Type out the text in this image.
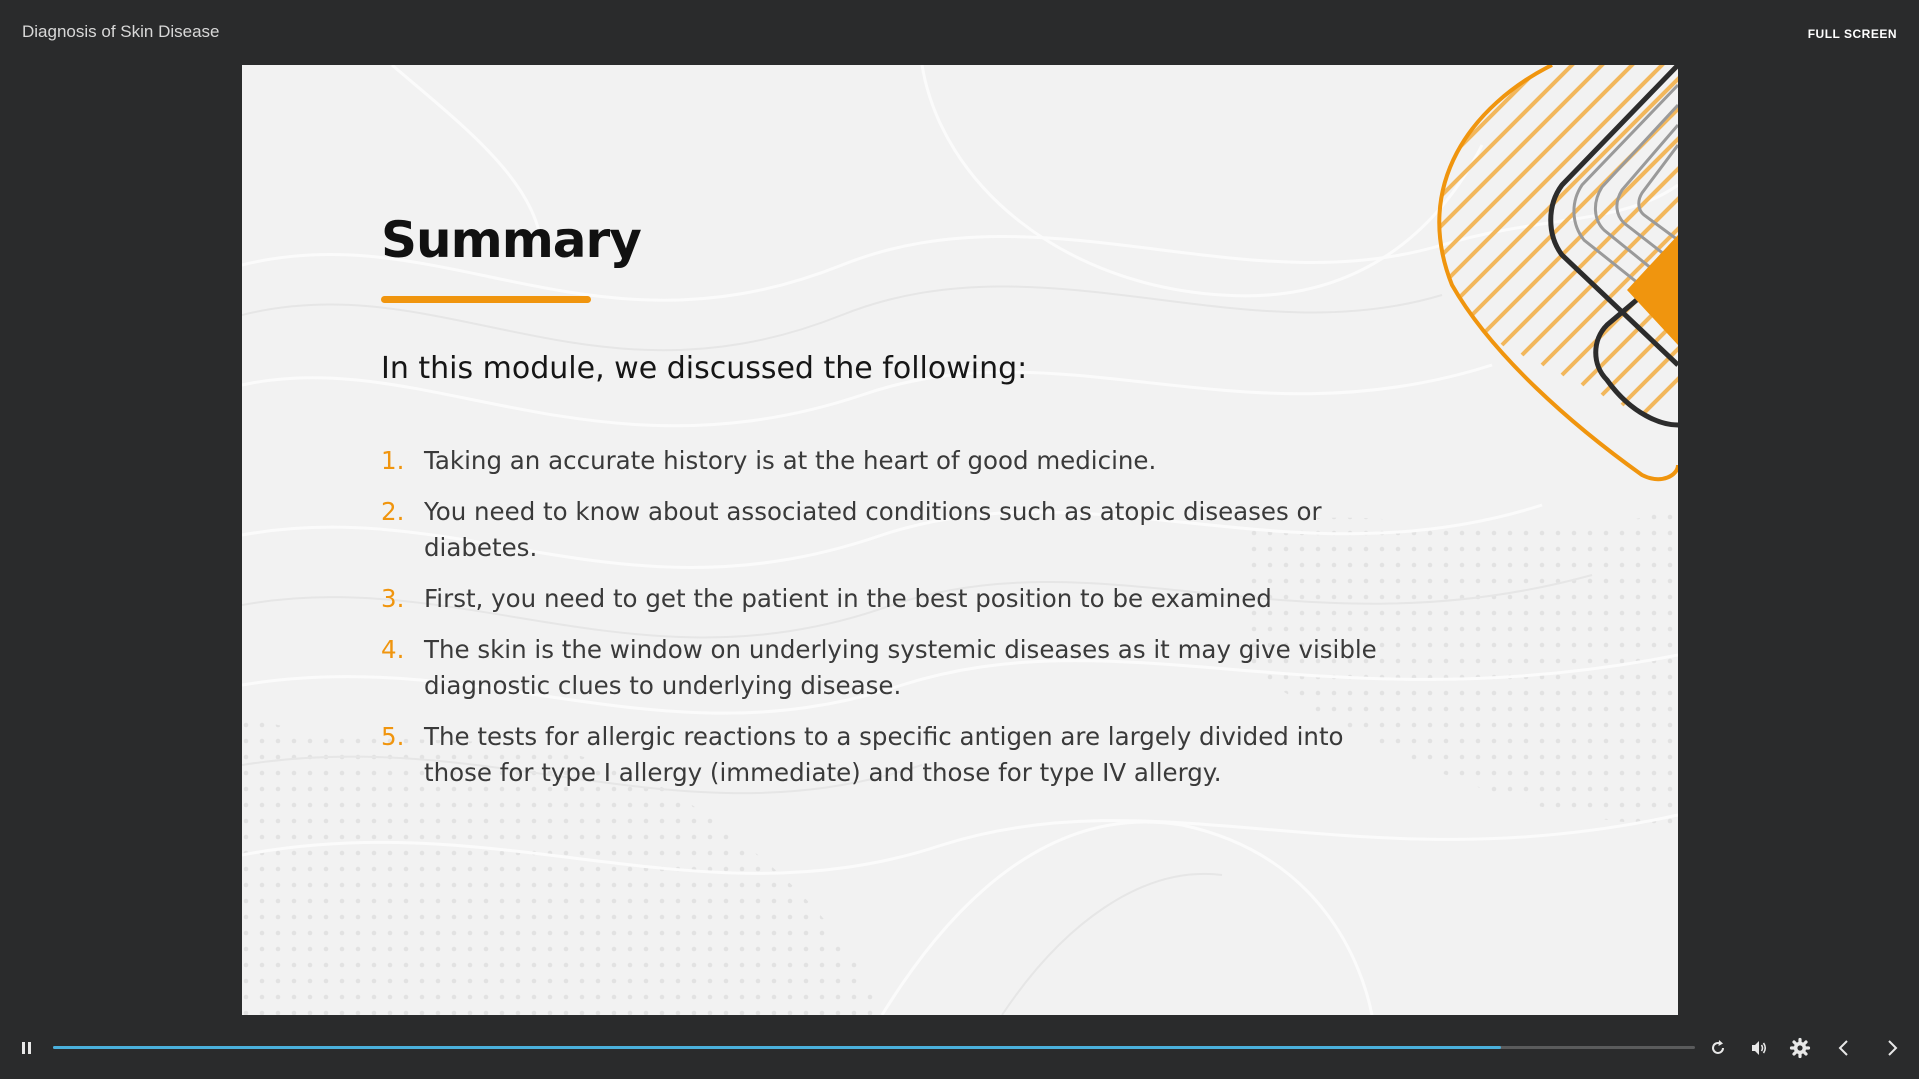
Diagnosis of Skin Disease	FULL SCREEN
Summary
In this module, we discussed the following:
1. Taking an accurate history is at the heart of good medicine.
2. You need to know about associated conditions such as atopic diseases or diabetes.
3. First, you need to get the patient in the best position to be examined
4. The skin is the window on underlying systemic diseases as it may give visible diagnostic clues to underlying disease.
5. The tests for allergic reactions to a specific antigen are largely divided into those for type I allergy (immediate) and those for type IV allergy.
